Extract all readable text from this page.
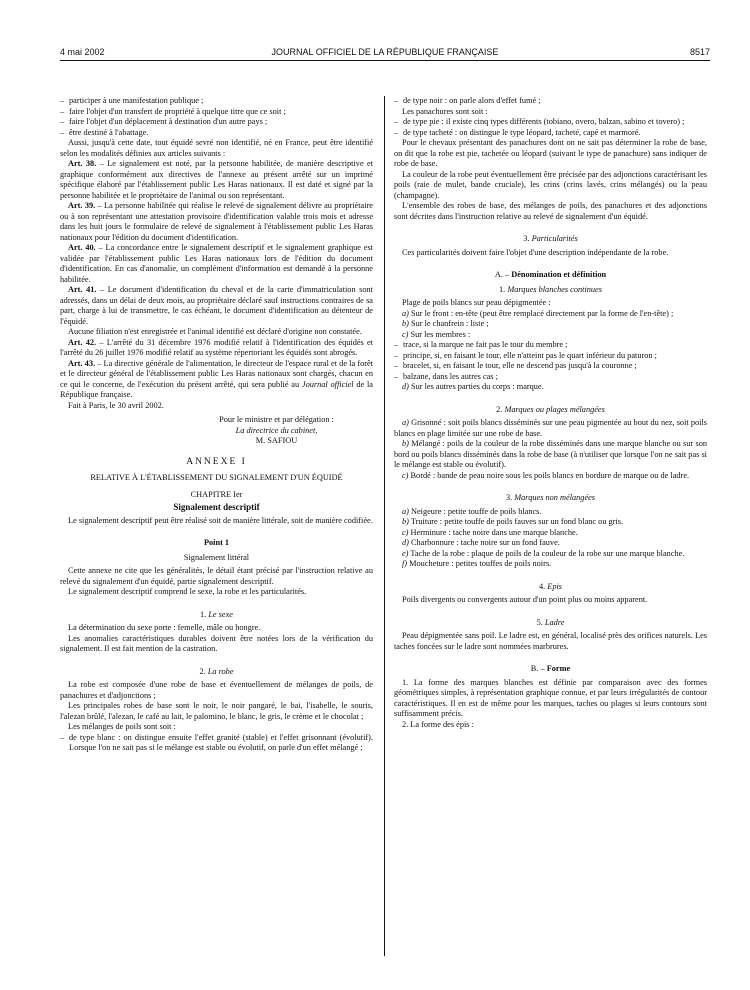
4 mai 2002	JOURNAL OFFICIEL DE LA RÉPUBLIQUE FRANÇAISE	8517

– participer à une manifestation publique ;

– faire l'objet d'un transfert de propriété à quelque titre que ce soit ;

– faire l'objet d'un déplacement à destination d'un autre pays ;

– être destiné à l'abattage.

Aussi, jusqu'à cette date, tout équidé sevré non identifié, né en France, peut être identifié selon les modalités définies aux articles suivants :

Art. 38. – Le signalement est noté, par la personne habilitée, de manière descriptive et graphique conformément aux directives de l'annexe au présent arrêté sur un imprimé spécifique élaboré par l'établissement public Les Haras nationaux. Il est daté et signé par la personne habilitée et le propriétaire de l'animal ou son représentant.

Art. 39. – La personne habilitée qui réalise le relevé de signalement délivre au propriétaire ou à son représentant une attestation provisoire d'identification valable trois mois et adresse dans les huit jours le formulaire de relevé de signalement à l'établissement public Les Haras nationaux pour l'édition du document d'identification.

Art. 40. – La concordance entre le signalement descriptif et le signalement graphique est validée par l'établissement public Les Haras nationaux lors de l'édition du document d'identification. En cas d'anomalie, un complément d'information est demandé à la personne habilitée.

Art. 41. – Le document d'identification du cheval et de la carte d'immatriculation sont adressés, dans un délai de deux mois, au propriétaire déclaré sauf instructions contraires de sa part, charge à lui de transmettre, le cas échéant, le document d'identification au détenteur de l'équidé.

Aucune filiation n'est enregistrée et l'animal identifié est déclaré d'origine non constatée.

Art. 42. – L'arrêté du 31 décembre 1976 modifié relatif à l'identification des équidés et l'arrêté du 26 juillet 1976 modifié relatif au système répertoriant les équidés sont abrogés.

Art. 43. – La directive générale de l'alimentation, le directeur de l'espace rural et de la forêt et le directeur général de l'établissement public Les Haras nationaux sont chargés, chacun en ce qui le concerne, de l'exécution du présent arrêté, qui sera publié au Journal officiel de la République française.

Fait à Paris, le 30 avril 2002.

Pour le ministre et par délégation :

La directrice du cabinet,

M. SAFIOU

ANNEXE I

RELATIVE À L'ÉTABLISSEMENT DU SIGNALEMENT D'UN ÉQUIDÉ

CHAPITRE Ier

Signalement descriptif

Le signalement descriptif peut être réalisé soit de manière littérale, soit de manière codifiée.

Point 1

Signalement littéral

Cette annexe ne cite que les généralités, le détail étant précisé par l'instruction relative au relevé du signalement d'un équidé, partie signalement descriptif.

Le signalement descriptif comprend le sexe, la robe et les particularités.

1. Le sexe

La détermination du sexe porte : femelle, mâle ou hongre.

Les anomalies caractéristiques durables doivent être notées lors de la vérification du signalement. Il est fait mention de la castration.

2. La robe

La robe est composée d'une robe de base et éventuellement de mélanges de poils, de panachures et d'adjonctions ;

Les principales robes de base sont le noir, le noir pangaré, le bai, l'isabelle, le souris, l'alezan brûlé, l'alezan, le café au lait, le palomino, le blanc, le gris, le crème et le chocolat ;

Les mélanges de poils sont soit :

– de type blanc : on distingue ensuite l'effet granité (stable) et l'effet grisonnant (évolutif). Lorsque l'on ne sait pas si le mélange est stable ou évolutif, on parle d'un effet mélangé ;

– de type noir : on parle alors d'effet fumé ;

Les panachures sont soit :

– de type pie : il existe cinq types différents (tobiano, overo, balzan, sabino et tovero) ;

– de type tacheté : on distingue le type léopard, tacheté, capé et marmoré.

Pour le chevaux présentant des panachures dont on ne sait pas déterminer la robe de base, on dit que la robe est pie, tachetée ou léopard (suivant le type de panachure) sans indiquer de robe de base.

La couleur de la robe peut éventuellement être précisée par des adjonctions caractérisant les poils (raie de mulet, bande cruciale), les crins (crins lavés, crins mélangés) ou la peau (champagne).

L'ensemble des robes de base, des mélanges de poils, des panachures et des adjonctions sont décrites dans l'instruction relative au relevé de signalement d'un équidé.

3. Particularités

Ces particularités doivent faire l'objet d'une description indépendante de la robe.

A. – Dénomination et définition

1. Marques blanches continues

Plage de poils blancs sur peau dépigmentée :

a) Sur le front : en-tête (peut être remplacé directement par la forme de l'en-tête) ;

b) Sur le chanfrein : liste ;

c) Sur les membres :

– trace, si la marque ne fait pas le tour du membre ;

– principe, si, en faisant le tour, elle n'atteint pas le quart inférieur du paturon ;

– bracelet, si, en faisant le tour, elle ne descend pas jusqu'à la couronne ;

– balzane, dans les autres cas ;

d) Sur les autres parties du corps : marque.

2. Marques ou plages mélangées

a) Grisonné : soit poils blancs disséminés sur une peau pigmentée au bout du nez, soit poils blancs en plage limitée sur une robe de base.

b) Mélangé : poils de la couleur de la robe disséminés dans une marque blanche ou sur son bord ou poils blancs disséminés dans la robe de base (à n'utiliser que lorsque l'on ne sait pas si le mélange est stable ou évolutif).

c) Bordé : bande de peau noire sous les poils blancs en bordure de marque ou de ladre.

3. Marques non mélangées

a) Neigeure : petite touffe de poils blancs.

b) Truiture : petite touffe de poils fauves sur un fond blanc ou gris.

c) Herminure : tache noire dans une marque blanche.

d) Charbonnure : tache noire sur un fond fauve.

e) Tache de la robe : plaque de poils de la couleur de la robe sur une marque blanche.

f) Moucheture : petites touffes de poils noirs.

4. Epis

Poils divergents ou convergents autour d'un point plus ou moins apparent.

5. Ladre

Peau dépigmentée sans poil. Le ladre est, en général, localisé près des orifices naturels. Les taches foncées sur le ladre sont nommées marbrures.

B. – Forme

1. La forme des marques blanches est définie par comparaison avec des formes géométriques simples, à représentation graphique connue, et par leurs irrégularités de contour caractéristiques. Il en est de même pour les marques, taches ou plages si leurs contours sont suffisamment précis.

2. La forme des épis :
